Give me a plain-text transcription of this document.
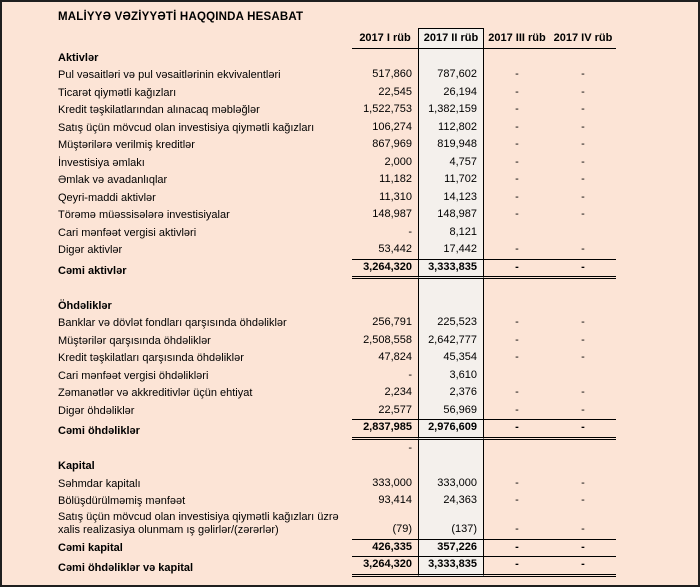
MALİYYƏ VƏZİYYƏTİ HAQQINDA HESABAT
2017 I rüb	2017 II rüb 2017 III rüb 2017 IV rüb
Aktivlər
Pul vəsaitləri və pul vəsaitlərinin ekvivalentləri	517,860	787,602	-	-
Ticarət qiymətli kağızları	22,545	26,194	-	-
Kredit təşkilatlarından alınacaq məbləğlər	1,522,753	1,382,159	-	-
Satış üçün mövcud olan investisiya qiymətli kağızları	106,274	112,802	-	-
Müştərilərə verilmiş kreditlər	867,969	819,948	-	-
İnvestisiya əmlakı	2,000	4,757	-	-
Əmlak və avadanlıqlar	11,182	11,702	-	-
Qeyri-maddi aktivlər	11,310	14,123	-	-
Törəmə müəssisələrə investisiyalar	148,987	148,987	-	-
Cari mənfəət vergisi aktivləri	-	8,121
Digər aktivlər	53,442	17,442	-	-
Cəmi aktivlər	3,264,320	3,333,835	-	-
Öhdəliklər
Banklar və dövlət fondları qarşısında öhdəliklər	256,791	225,523	-	-
Müştərilər qarşısında öhdəliklər	2,508,558	2,642,777	-	-
Kredit təşkilatları qarşısında öhdəliklər	47,824	45,354	-	-
Cari mənfəət vergisi öhdəlikləri	-	3,610
Zəmanətlər və akkreditivlər üçün ehtiyat	2,234	2,376	-	-
Digər öhdəliklər	22,577	56,969	-	-
Cəmi öhdəliklər	2,837,985	2,976,609	-	-
-
Kapital
Səhmdar kapitalı	333,000	333,000	-	-
Bölüşdürülməmiş mənfəət	93,414	24,363	-	-
Satış üçün mövcud olan investisiya qiymətli kağızları üzrə xalis realizasiya olunmam ış gəlirlər/(zərərlər)	(79)	(137)	-	-
Cəmi kapital	426,335	357,226	-	-
Cəmi öhdəliklər və kapital	3,264,320	3,333,835	-	-
